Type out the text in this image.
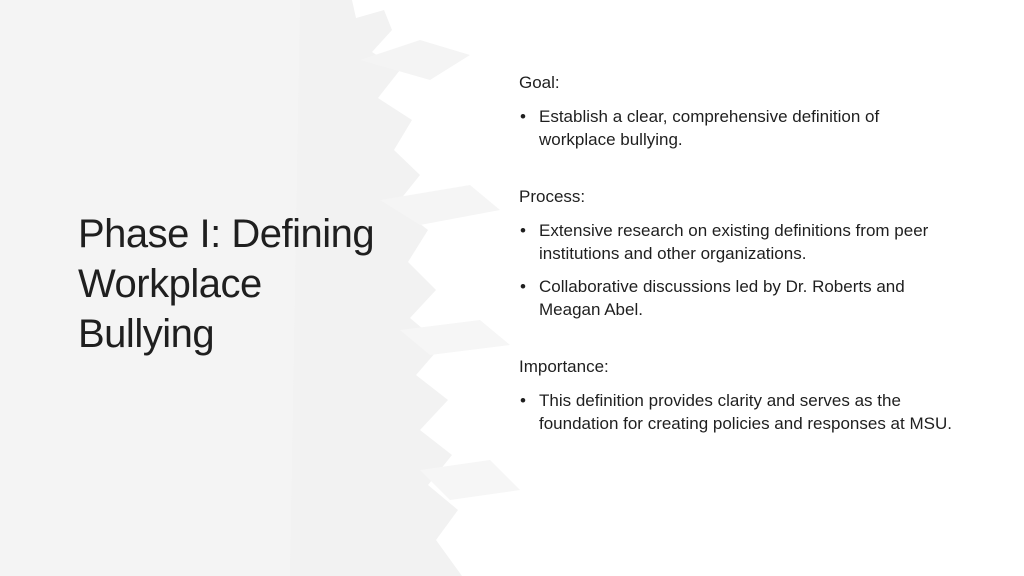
Phase I: Defining
Workplace
Bullying

Goal:

• Establish a clear, comprehensive definition of workplace bullying.

Process:

• Extensive research on existing definitions from peer institutions and other organizations.
• Collaborative discussions led by Dr. Roberts and Meagan Abel.

Importance:

• This definition provides clarity and serves as the foundation for creating policies and responses at MSU.
